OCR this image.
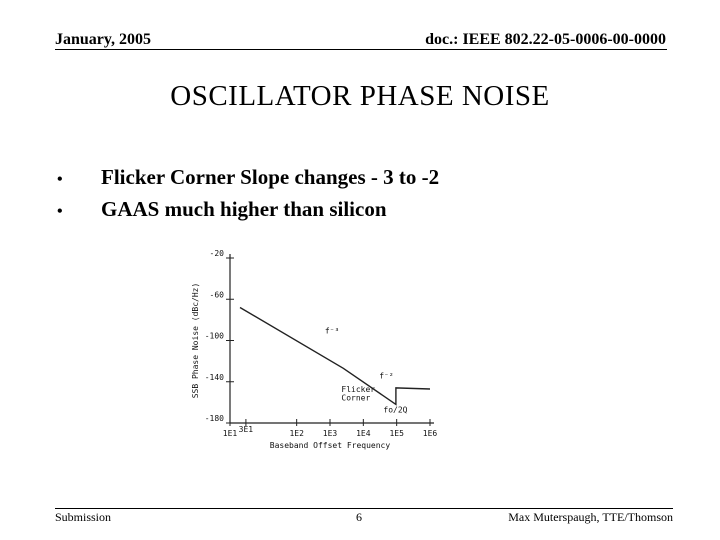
January, 2005	doc.: IEEE 802.22-05-0006-00-0000
OSCILLATOR PHASE NOISE
•	Flicker Corner Slope changes - 3 to -2
•	GAAS much higher than silicon
-20
-60
-100
-140
-180
1E1 3E1	1E2 1E3 1E4 1E5 1E6
f⁻³
f⁻²
Flicker
Corner
fo/2Q
Baseband Offset Frequency
SSB Phase Noise (dBc/Hz)
Submission	6	Max Muterspaugh, TTE/Thomson
